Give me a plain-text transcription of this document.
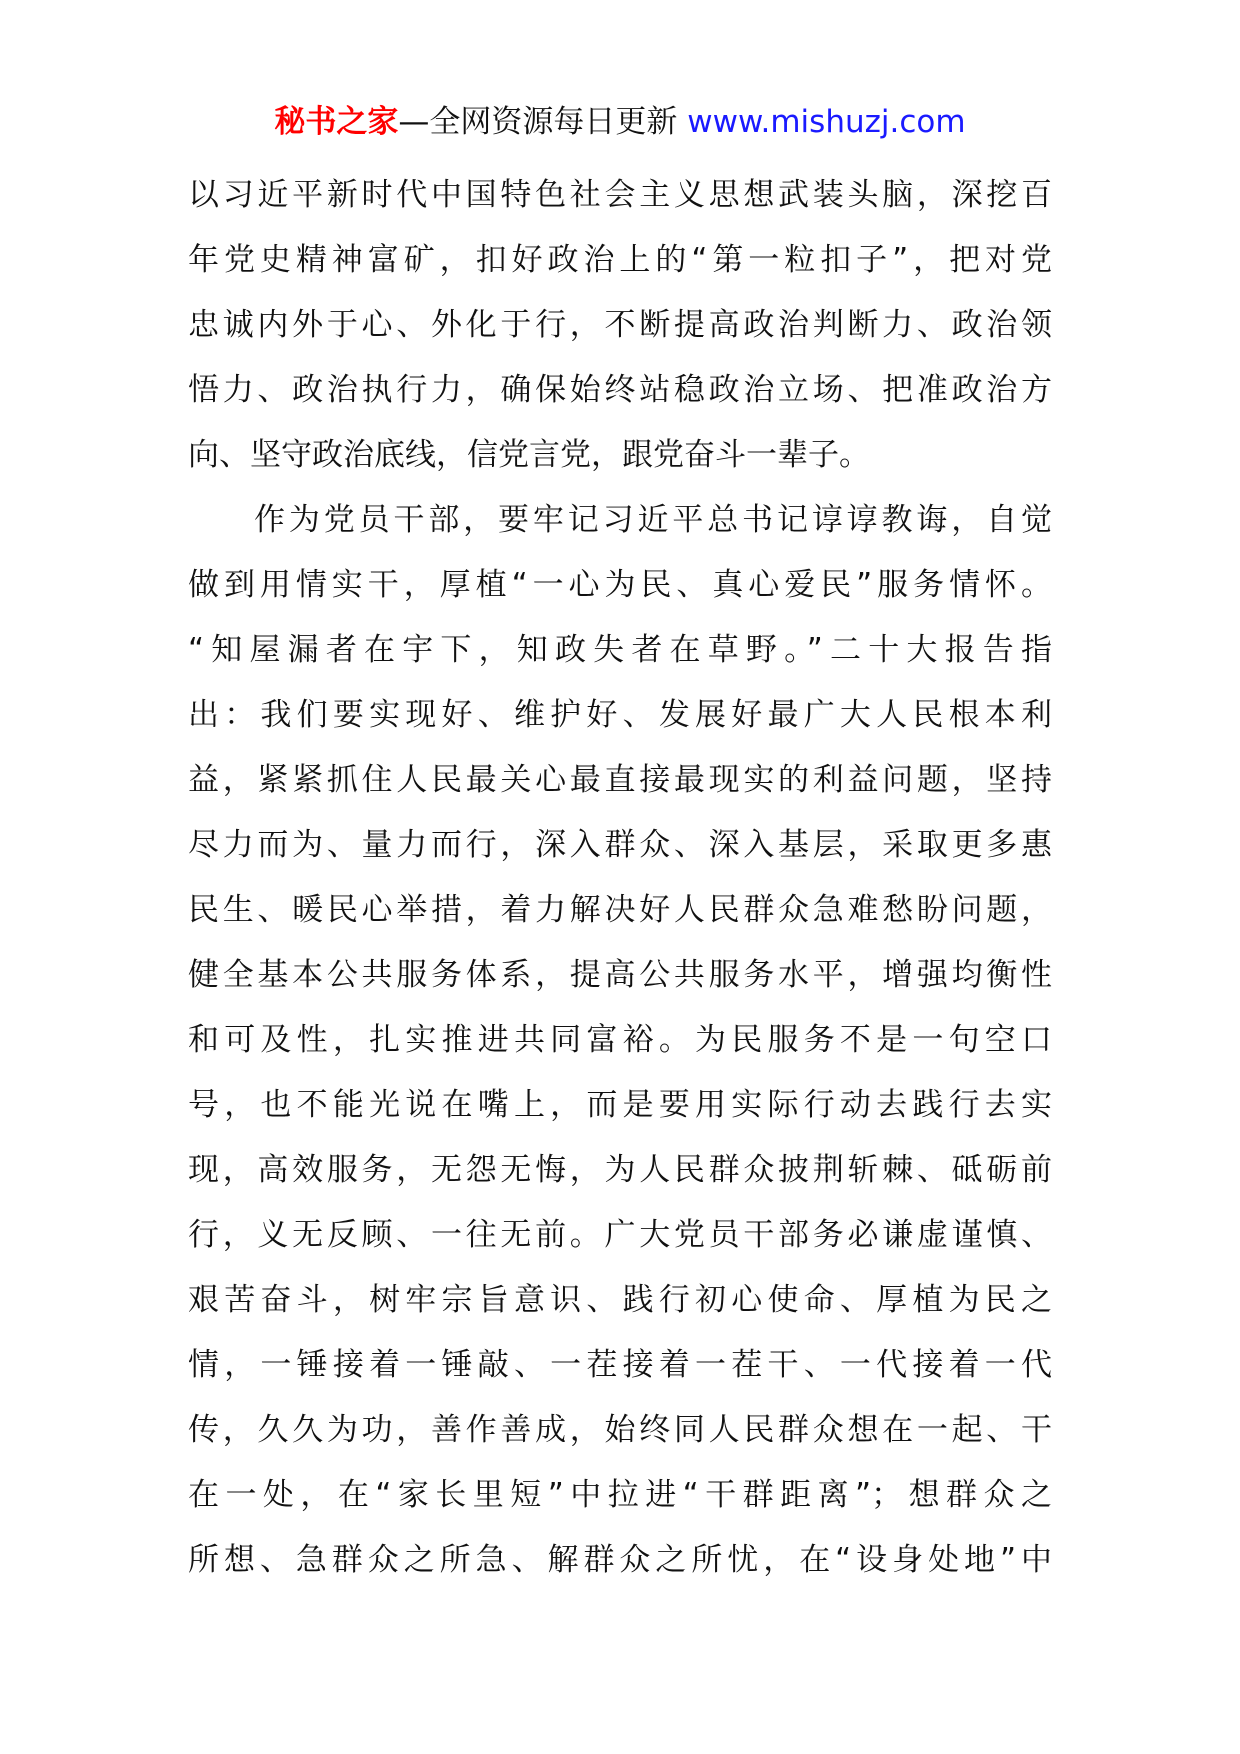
秘书之家—全网资源每日更新 www.mishuzj.com
以习近平新时代中国特色社会主义思想武装头脑，深挖百
年党史精神富矿，扣好政治上的“第一粒扣子”，把对党
忠诚内外于心、外化于行，不断提高政治判断力、政治领
悟力、政治执行力，确保始终站稳政治立场、把准政治方
向、坚守政治底线，信党言党，跟党奋斗一辈子。
作为党员干部，要牢记习近平总书记谆谆教诲，自觉
做到用情实干，厚植“一心为民、真心爱民”服务情怀。
“知屋漏者在宇下，知政失者在草野。”二十大报告指
出：我们要实现好、维护好、发展好最广大人民根本利
益，紧紧抓住人民最关心最直接最现实的利益问题，坚持
尽力而为、量力而行，深入群众、深入基层，采取更多惠
民生、暖民心举措，着力解决好人民群众急难愁盼问题，
健全基本公共服务体系，提高公共服务水平，增强均衡性
和可及性，扎实推进共同富裕。为民服务不是一句空口
号，也不能光说在嘴上，而是要用实际行动去践行去实
现，高效服务，无怨无悔，为人民群众披荆斩棘、砥砺前
行，义无反顾、一往无前。广大党员干部务必谦虚谨慎、
艰苦奋斗，树牢宗旨意识、践行初心使命、厚植为民之
情，一锤接着一锤敲、一茬接着一茬干、一代接着一代
传，久久为功，善作善成，始终同人民群众想在一起、干
在一处，在“家长里短”中拉进“干群距离”；想群众之
所想、急群众之所急、解群众之所忧，在“设身处地”中
